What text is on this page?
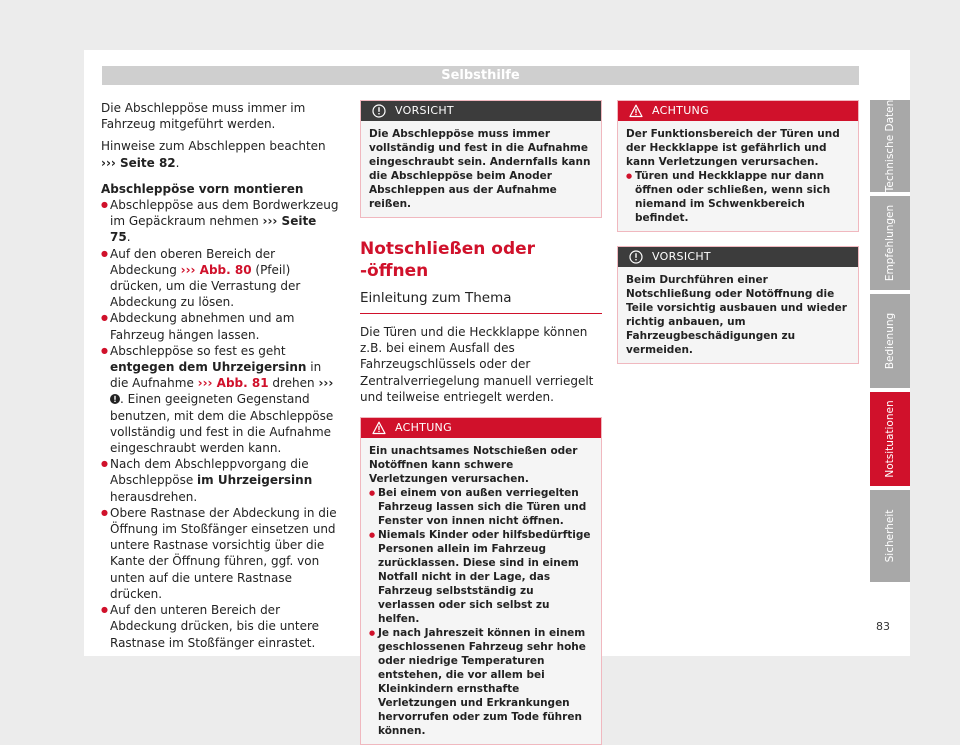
Selbsthilfe

Die Abschleppöse muss immer im Fahrzeug mitgeführt werden.

Hinweise zum Abschleppen beachten ››› Seite 82.

Abschleppöse vorn montieren

● Abschleppöse aus dem Bordwerkzeug im Gepäckraum nehmen ››› Seite 75.

● Auf den oberen Bereich der Abdeckung ››› Abb. 80 (Pfeil) drücken, um die Verrastung der Abdeckung zu lösen.

● Abdeckung abnehmen und am Fahrzeug hängen lassen.

● Abschleppöse so fest es geht entgegen dem Uhrzeigersinn in die Aufnahme ››› Abb. 81 drehen ››› . Einen geeigneten Gegenstand benutzen, mit dem die Abschleppöse vollständig und fest in die Aufnahme eingeschraubt werden kann.

● Nach dem Abschleppvorgang die Abschleppöse im Uhrzeigersinn herausdrehen.

● Obere Rastnase der Abdeckung in die Öffnung im Stoßfänger einsetzen und untere Rastnase vorsichtig über die Kante der Öffnung führen, ggf. von unten auf die untere Rastnase drücken.

● Auf den unteren Bereich der Abdeckung drücken, bis die untere Rastnase im Stoßfänger einrastet.

VORSICHT
Die Abschleppöse muss immer vollständig und fest in die Aufnahme eingeschraubt sein. Andernfalls kann die Abschleppöse beim Anoder Abschleppen aus der Aufnahme reißen.
Notschließen oder -öffnen
Einleitung zum Thema

Die Türen und die Heckklappe können z.B. bei einem Ausfall des Fahrzeugschlüssels oder der Zentralverriegelung manuell verriegelt und teilweise entriegelt werden.

ACHTUNG

Ein unachtsames Notschießen oder Notöffnen kann schwere Verletzungen verursachen.

● Bei einem von außen verriegelten Fahrzeug lassen sich die Türen und Fenster von innen nicht öffnen.

● Niemals Kinder oder hilfsbedürftige Personen allein im Fahrzeug zurücklassen. Diese sind in einem Notfall nicht in der Lage, das Fahrzeug selbstständig zu verlassen oder sich selbst zu helfen.

● Je nach Jahreszeit können in einem geschlossenen Fahrzeug sehr hohe oder niedrige Temperaturen entstehen, die vor allem bei Kleinkindern ernsthafte Verletzungen und Erkrankungen hervorrufen oder zum Tode führen können.

ACHTUNG

Der Funktionsbereich der Türen und der Heckklappe ist gefährlich und kann Verletzungen verursachen.

● Türen und Heckklappe nur dann öffnen oder schließen, wenn sich niemand im Schwenkbereich befindet.

VORSICHT
Beim Durchführen einer Notschließung oder Notöffnung die Teile vorsichtig ausbauen und wieder richtig anbauen, um Fahrzeugbeschädigungen zu vermeiden.
Technische Daten
Empfehlungen
Bedienung
Notsituationen
Sicherheit
83
